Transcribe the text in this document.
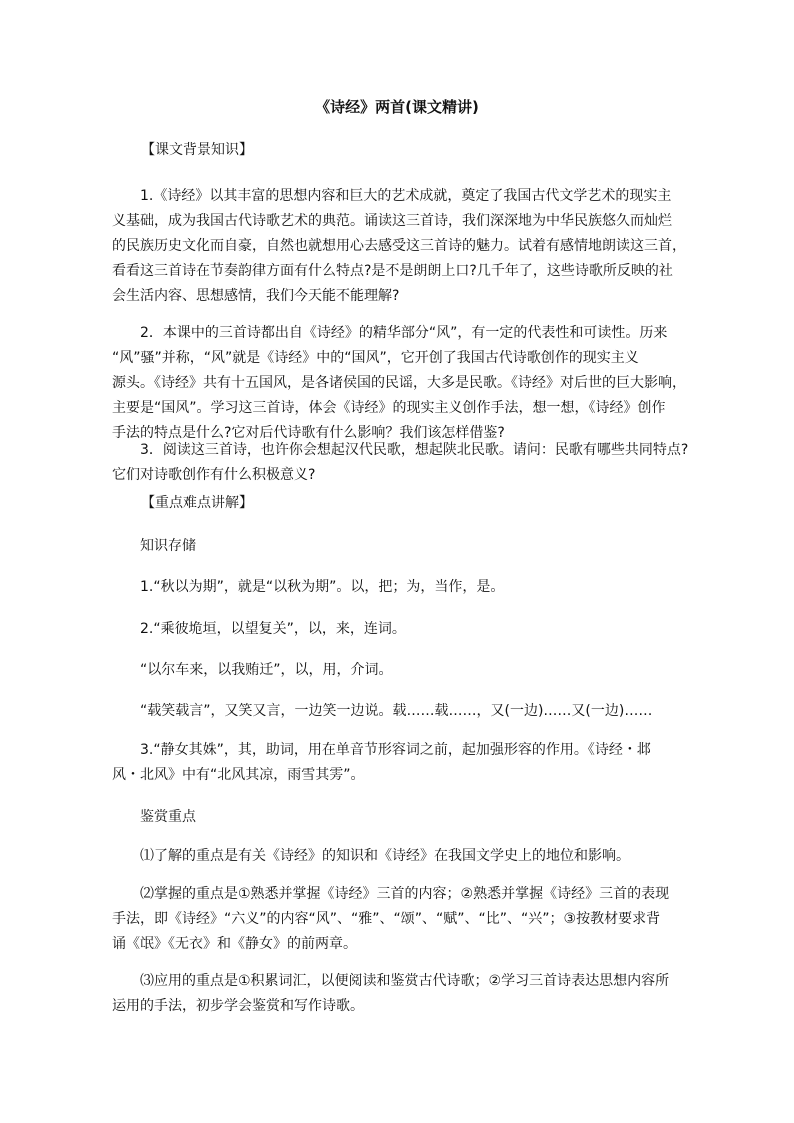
《诗经》两首(课文精讲)
【课文背景知识】
　　1.《诗经》以其丰富的思想内容和巨大的艺术成就，奠定了我国古代文学艺术的现实主
义基础，成为我国古代诗歌艺术的典范。诵读这三首诗，我们深深地为中华民族悠久而灿烂
的民族历史文化而自豪，自然也就想用心去感受这三首诗的魅力。试着有感情地朗读这三首，
看看这三首诗在节奏韵律方面有什么特点?是不是朗朗上口?几千年了，这些诗歌所反映的社
会生活内容、思想感情，我们今天能不能理解?
　　2．本课中的三首诗都出自《诗经》的精华部分“风”，有一定的代表性和可读性。历来
“风”骚”并称，“风”就是《诗经》中的“国风”，它开创了我国古代诗歌创作的现实主义
源头。《诗经》共有十五国风，是各诸侯国的民谣，大多是民歌。《诗经》对后世的巨大影响，
主要是“国风”。学习这三首诗，体会《诗经》的现实主义创作手法，想一想，《诗经》创作
手法的特点是什么?它对后代诗歌有什么影响？我们该怎样借鉴?
　　3．阅读这三首诗，也许你会想起汉代民歌，想起陕北民歌。请问：民歌有哪些共同特点?
它们对诗歌创作有什么积极意义?
【重点难点讲解】
知识存储
1.“秋以为期”，就是“以秋为期”。以，把；为，当作，是。
2.“乘彼垝垣，以望复关”，以，来，连词。
“以尔车来，以我贿迁”，以，用，介词。
“载笑载言”，又笑又言，一边笑一边说。载……载……，又(一边)……又(一边)……
　　3.“静女其姝”，其，助词，用在单音节形容词之前，起加强形容的作用。《诗经・邶
风・北风》中有“北风其凉，雨雪其雱”。
鉴赏重点
⑴了解的重点是有关《诗经》的知识和《诗经》在我国文学史上的地位和影响。
　　⑵掌握的重点是①熟悉并掌握《诗经》三首的内容；②熟悉并掌握《诗经》三首的表现
手法，即《诗经》“六义”的内容“风”、“雅”、“颂”、“赋”、“比”、“兴”；③按教材要求背
诵《氓》《无衣》和《静女》的前两章。
　　⑶应用的重点是①积累词汇，以便阅读和鉴赏古代诗歌；②学习三首诗表达思想内容所
运用的手法，初步学会鉴赏和写作诗歌。
